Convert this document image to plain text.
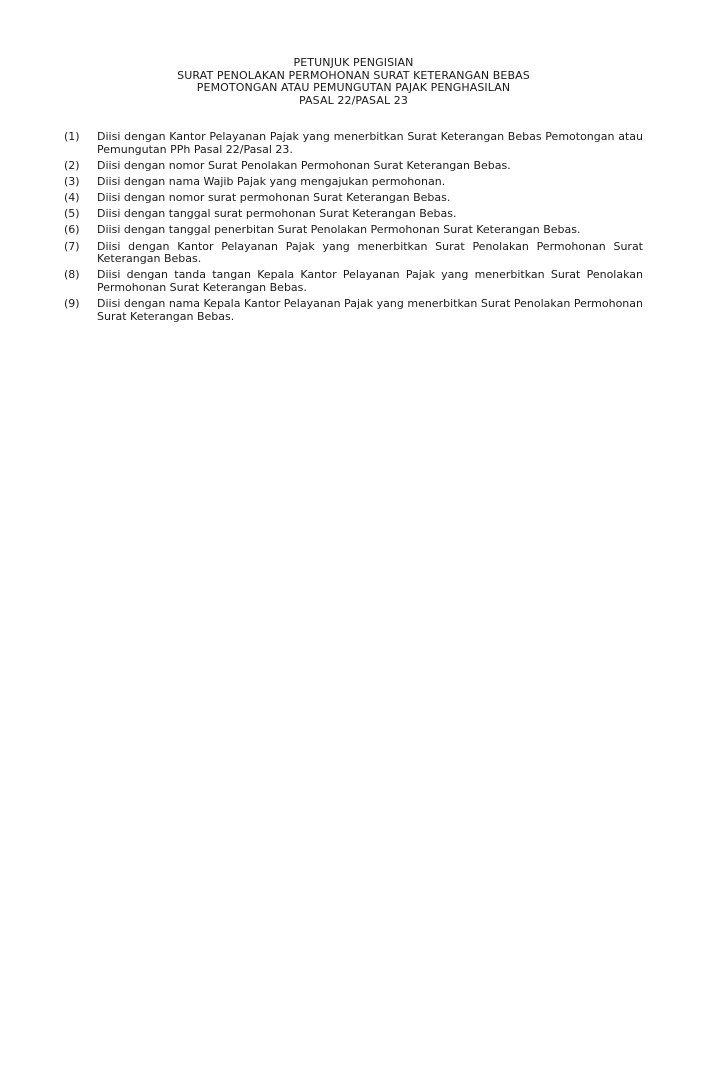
PETUNJUK PENGISIAN
SURAT PENOLAKAN PERMOHONAN SURAT KETERANGAN BEBAS
PEMOTONGAN ATAU PEMUNGUTAN PAJAK PENGHASILAN
PASAL 22/PASAL 23
(1)	Diisi dengan Kantor Pelayanan Pajak yang menerbitkan Surat Keterangan Bebas Pemotongan atau Pemungutan PPh Pasal 22/Pasal 23.
(2)	Diisi dengan nomor Surat Penolakan Permohonan Surat Keterangan Bebas.
(3)	Diisi dengan nama Wajib Pajak yang mengajukan permohonan.
(4)	Diisi dengan nomor surat permohonan Surat Keterangan Bebas.
(5)	Diisi dengan tanggal surat permohonan Surat Keterangan Bebas.
(6)	Diisi dengan tanggal penerbitan Surat Penolakan Permohonan Surat Keterangan Bebas.
(7)	Diisi dengan Kantor Pelayanan Pajak yang menerbitkan Surat Penolakan Permohonan Surat Keterangan Bebas.
(8)	Diisi dengan tanda tangan Kepala Kantor Pelayanan Pajak yang menerbitkan Surat Penolakan Permohonan Surat Keterangan Bebas.
(9)	Diisi dengan nama Kepala Kantor Pelayanan Pajak yang menerbitkan Surat Penolakan Permohonan Surat Keterangan Bebas.
